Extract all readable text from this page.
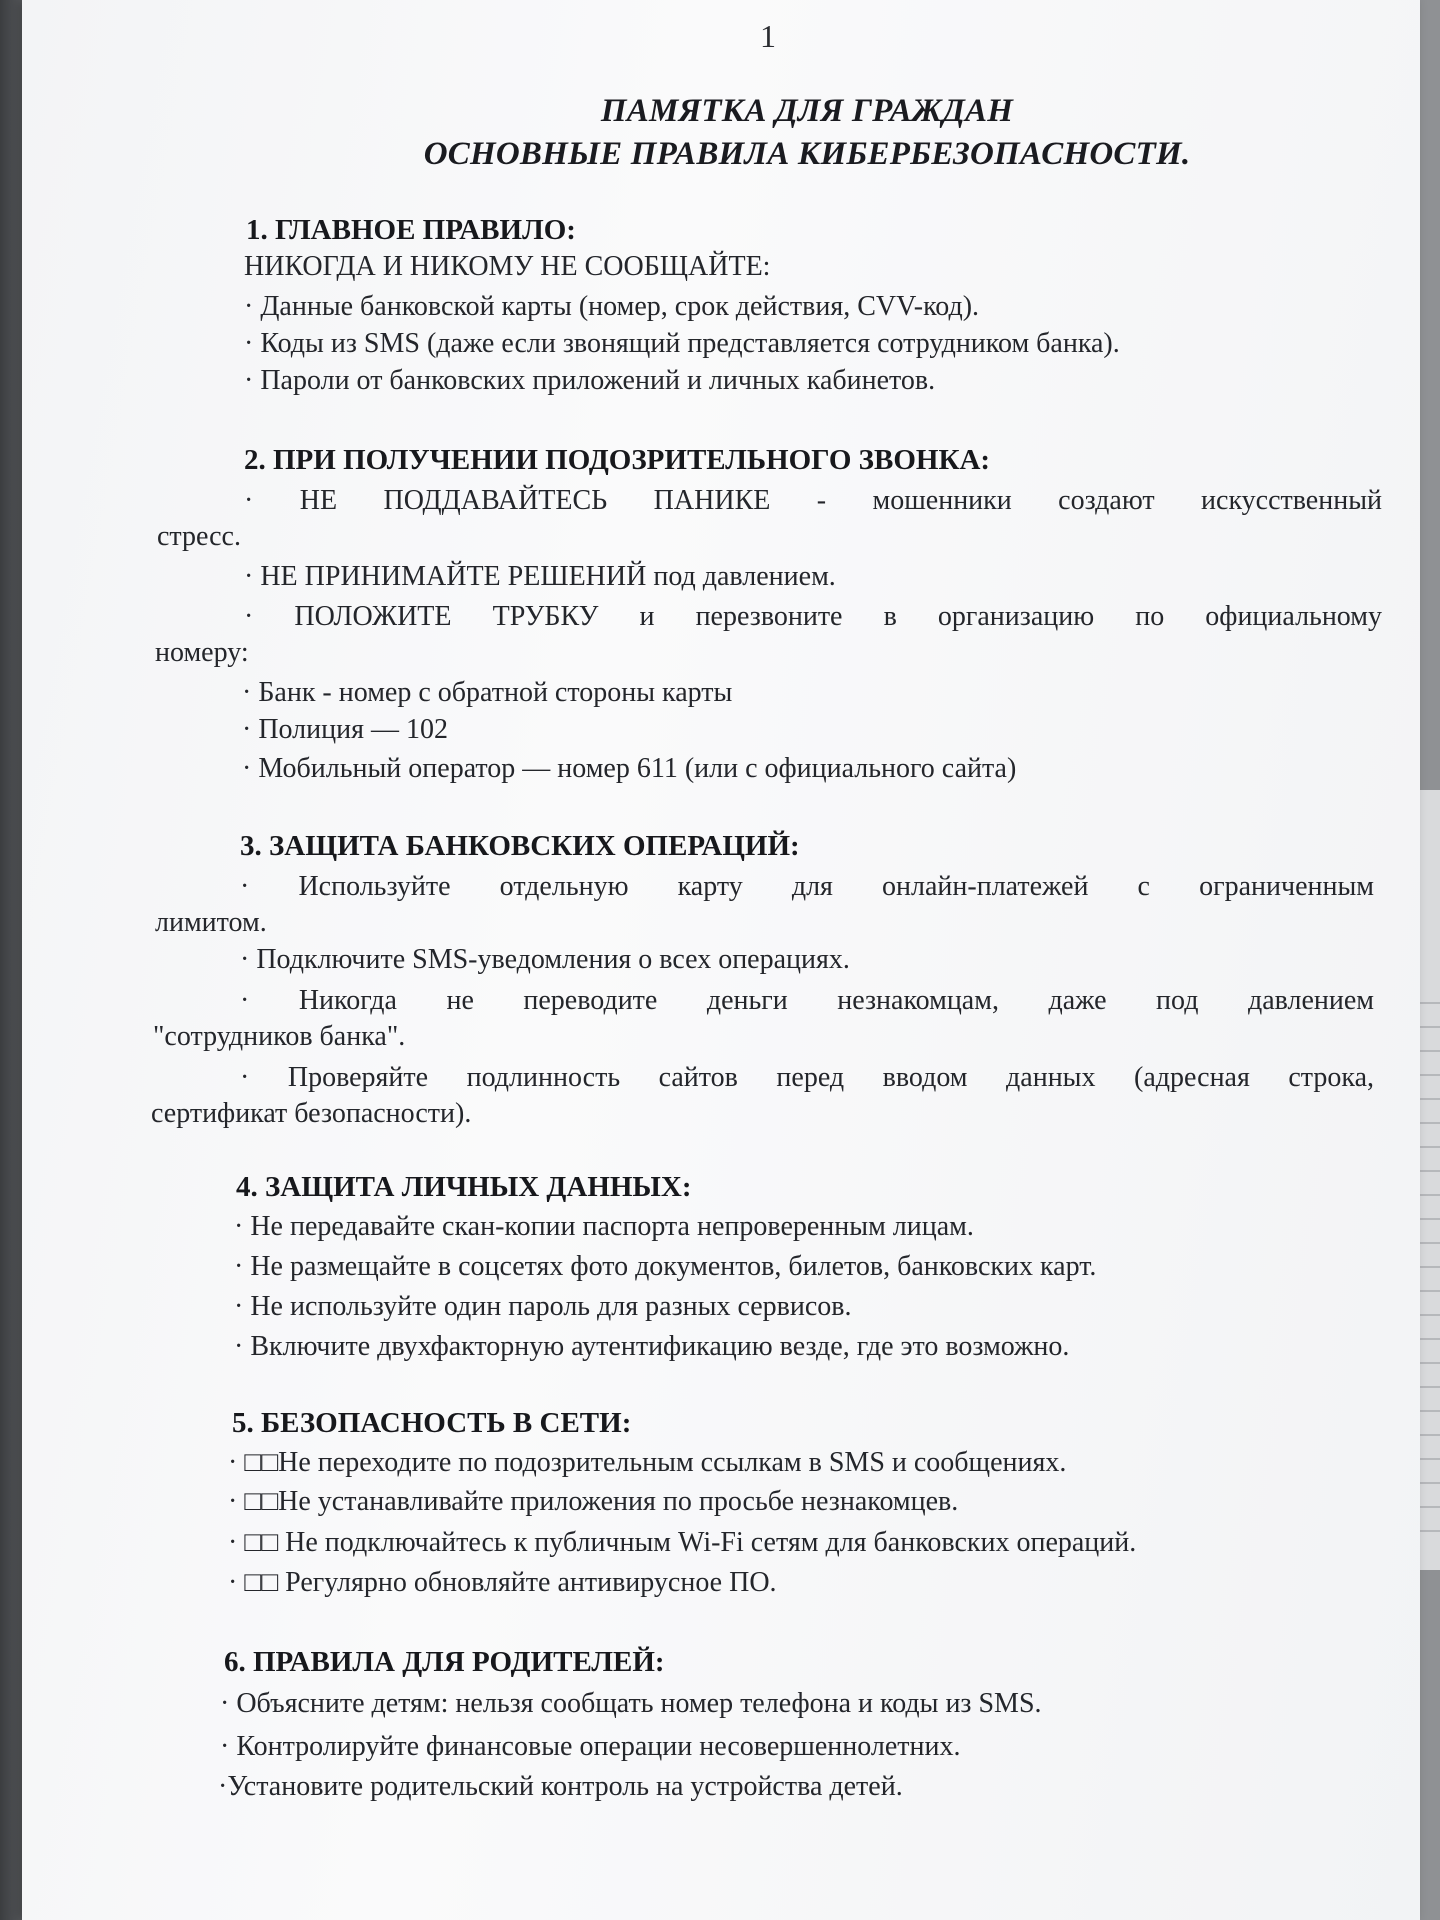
1
ПАМЯТКА ДЛЯ ГРАЖДАН
ОСНОВНЫЕ ПРАВИЛА КИБЕРБЕЗОПАСНОСТИ.
1. ГЛАВНОЕ ПРАВИЛО:
НИКОГДА И НИКОМУ НЕ СООБЩАЙТЕ:
· Данные банковской карты (номер, срок действия, CVV-код).
· Коды из SMS (даже если звонящий представляется сотрудником банка).
· Пароли от банковских приложений и личных кабинетов.
2. ПРИ ПОЛУЧЕНИИ ПОДОЗРИТЕЛЬНОГО ЗВОНКА:
· НЕ ПОДДАВАЙТЕСЬ ПАНИКЕ - мошенники создают искусственный
стресс.
· НЕ ПРИНИМАЙТЕ РЕШЕНИЙ под давлением.
· ПОЛОЖИТЕ ТРУБКУ и перезвоните в организацию по официальному
номеру:
· Банк - номер с обратной стороны карты
· Полиция — 102
· Мобильный оператор — номер 611 (или с официального сайта)
3. ЗАЩИТА БАНКОВСКИХ ОПЕРАЦИЙ:
· Используйте отдельную карту для онлайн-платежей с ограниченным
лимитом.
· Подключите SMS-уведомления о всех операциях.
· Никогда не переводите деньги незнакомцам, даже под давлением
"сотрудников банка".
· Проверяйте подлинность сайтов перед вводом данных (адресная строка,
сертификат безопасности).
4. ЗАЩИТА ЛИЧНЫХ ДАННЫХ:
· Не передавайте скан-копии паспорта непроверенным лицам.
· Не размещайте в соцсетях фото документов, билетов, банковских карт.
· Не используйте один пароль для разных сервисов.
· Включите двухфакторную аутентификацию везде, где это возможно.
5. БЕЗОПАСНОСТЬ В СЕТИ:
· □□Не переходите по подозрительным ссылкам в SMS и сообщениях.
· □□Не устанавливайте приложения по просьбе незнакомцев.
· □□ Не подключайтесь к публичным Wi-Fi сетям для банковских операций.
· □□ Регулярно обновляйте антивирусное ПО.
6. ПРАВИЛА ДЛЯ РОДИТЕЛЕЙ:
· Объясните детям: нельзя сообщать номер телефона и коды из SMS.
· Контролируйте финансовые операции несовершеннолетних.
·Установите родительский контроль на устройства детей.
